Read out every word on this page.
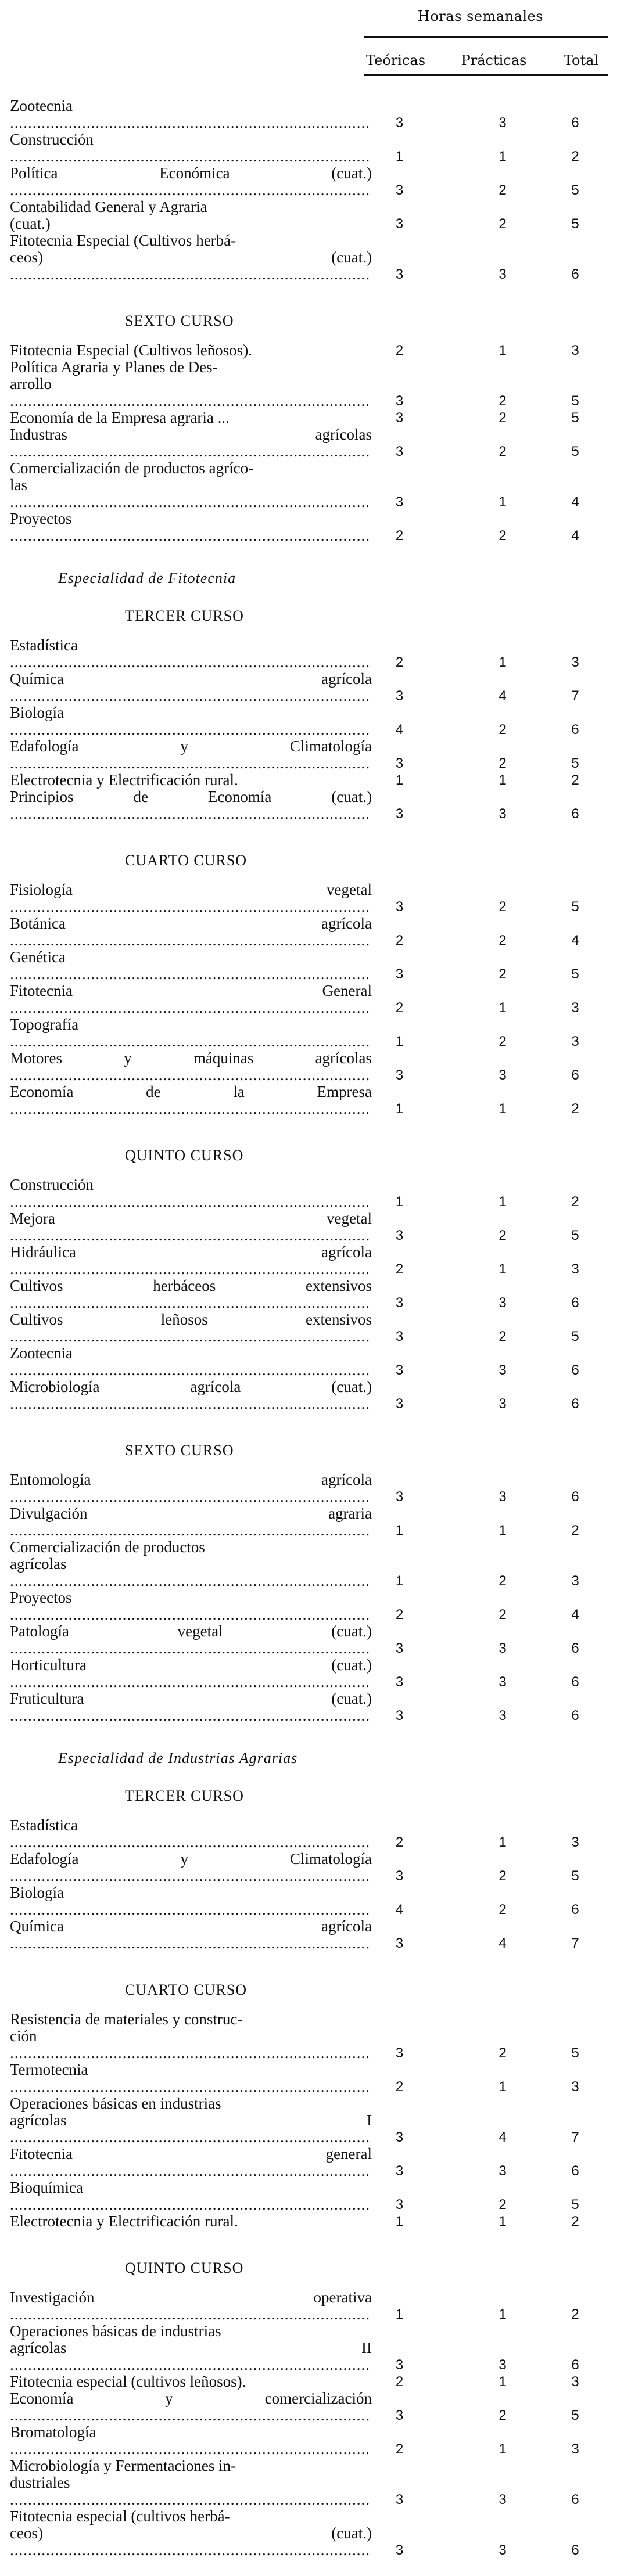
Horas semanales
Teóricas	Prácticas	Total
Zootecnia ................................................................................	3	3	6
Construcción ................................................................................	1	1	2
Política Económica (cuat.) ................................................................................	3	2	5
Contabilidad General y Agraria
(cuat.)	3	2	5
Fitotecnia Especial (Cultivos herbá-
ceos) (cuat.) ................................................................................	3	3	6
SEXTO CURSO
Fitotecnia Especial (Cultivos leñosos).	2	1	3
Política Agraria y Planes de Des-
arrollo ................................................................................	3	2	5
Economía de la Empresa agraria ...	3	2	5
Industras agrícolas ................................................................................	3	2	5
Comercialización de productos agríco-
las ................................................................................	3	1	4
Proyectos ................................................................................	2	2	4
Especialidad de Fitotecnia
TERCER CURSO
Estadística ................................................................................	2	1	3
Química agrícola ................................................................................	3	4	7
Biología ................................................................................	4	2	6
Edafología y Climatología ................................................................................	3	2	5
Electrotecnia y Electrificación rural.	1	1	2
Principios de Economía (cuat.) ................................................................................	3	3	6
CUARTO CURSO
Fisiología vegetal ................................................................................	3	2	5
Botánica agrícola ................................................................................	2	2	4
Genética ................................................................................	3	2	5
Fitotecnia General ................................................................................	2	1	3
Topografía ................................................................................	1	2	3
Motores y máquinas agrícolas ................................................................................	3	3	6
Economía de la Empresa ................................................................................	1	1	2
QUINTO CURSO
Construcción ................................................................................	1	1	2
Mejora vegetal ................................................................................	3	2	5
Hidráulica agrícola ................................................................................	2	1	3
Cultivos herbáceos extensivos ................................................................................	3	3	6
Cultivos leñosos extensivos ................................................................................	3	2	5
Zootecnia ................................................................................	3	3	6
Microbiología agrícola (cuat.) ................................................................................	3	3	6
SEXTO CURSO
Entomología agrícola ................................................................................	3	3	6
Divulgación agraria ................................................................................	1	1	2
Comercialización de productos
agrícolas ................................................................................	1	2	3
Proyectos ................................................................................	2	2	4
Patología vegetal (cuat.) ................................................................................	3	3	6
Horticultura (cuat.) ................................................................................	3	3	6
Fruticultura (cuat.) ................................................................................	3	3	6
Especialidad de Industrias Agrarias
TERCER CURSO
Estadística ................................................................................	2	1	3
Edafología y Climatología ................................................................................	3	2	5
Biología ................................................................................	4	2	6
Química agrícola ................................................................................	3	4	7
CUARTO CURSO
Resistencia de materiales y construc-
ción ................................................................................	3	2	5
Termotecnia ................................................................................	2	1	3
Operaciones básicas en industrias
agrícolas I ................................................................................	3	4	7
Fitotecnia general ................................................................................	3	3	6
Bioquímica ................................................................................	3	2	5
Electrotecnia y Electrificación rural.	1	1	2
QUINTO CURSO
Investigación operativa ................................................................................	1	1	2
Operaciones básicas de industrias
agrícolas II ................................................................................	3	3	6
Fitotecnia especial (cultivos leñosos).	2	1	3
Economía y comercialización ................................................................................	3	2	5
Bromatología ................................................................................	2	1	3
Microbiología y Fermentaciones in-
dustriales ................................................................................	3	3	6
Fitotecnia especial (cultivos herbá-
ceos) (cuat.) ................................................................................	3	3	6
